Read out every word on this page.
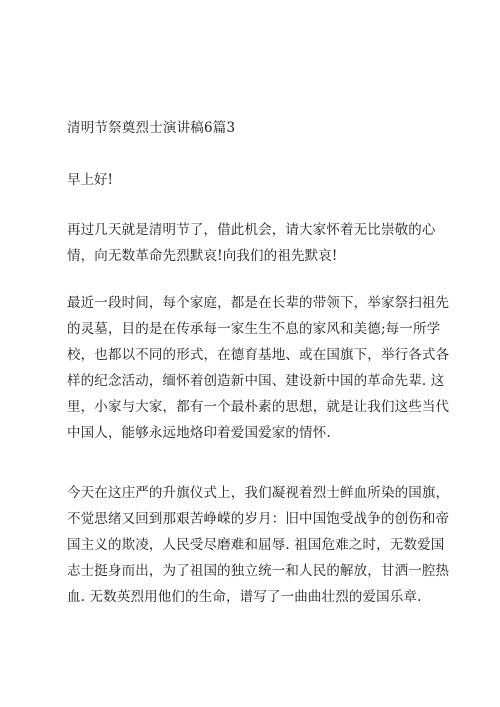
清明节祭奠烈士演讲稿6篇3

早上好!

再过几天就是清明节了，借此机会，请大家怀着无比崇敬的心
情，向无数革命先烈默哀!向我们的祖先默哀!
最近一段时间，每个家庭，都是在长辈的带领下，举家祭扫祖先
的灵墓，目的是在传承每一家生生不息的家风和美德;每一所学
校，也都以不同的形式，在德育基地、或在国旗下，举行各式各
样的纪念活动，缅怀着创造新中国、建设新中国的革命先辈. 这
里，小家与大家，都有一个最朴素的思想，就是让我们这些当代
中国人，能够永远地烙印着爱国爱家的情怀.
今天在这庄严的升旗仪式上，我们凝视着烈士鲜血所染的国旗，
不觉思绪又回到那艰苦峥嵘的岁月：旧中国饱受战争的创伤和帝
国主义的欺凌，人民受尽磨难和屈辱. 祖国危难之时，无数爱国
志士挺身而出，为了祖国的独立统一和人民的解放，甘洒一腔热
血. 无数英烈用他们的生命，谱写了一曲曲壮烈的爱国乐章.
